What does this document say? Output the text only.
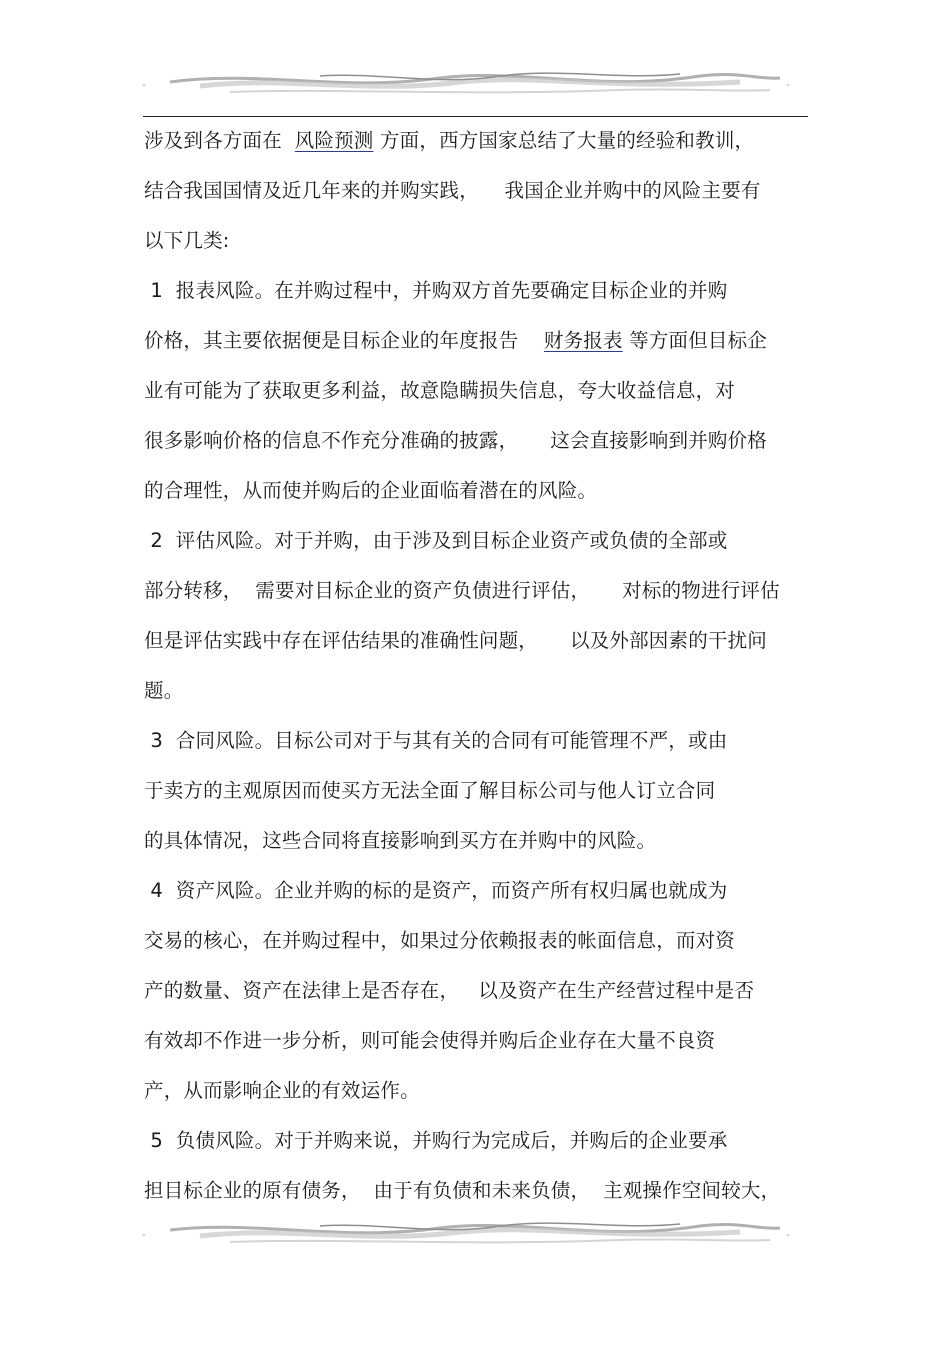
-	-
涉及到各方面在  风险预测 方面，西方国家总结了大量的经验和教训，
结合我国国情及近几年来的并购实践，    我国企业并购中的风险主要有
以下几类:
1  报表风险。在并购过程中，并购双方首先要确定目标企业的并购
价格，其主要依据便是目标企业的年度报告    财务报表 等方面但目标企
业有可能为了获取更多利益，故意隐瞒损失信息，夸大收益信息，对
很多影响价格的信息不作充分准确的披露，     这会直接影响到并购价格
的合理性，从而使并购后的企业面临着潜在的风险。
2  评估风险。对于并购，由于涉及到目标企业资产或负债的全部或
部分转移，  需要对目标企业的资产负债进行评估，     对标的物进行评估
但是评估实践中存在评估结果的准确性问题，     以及外部因素的干扰问
题。
3  合同风险。目标公司对于与其有关的合同有可能管理不严，或由
于卖方的主观原因而使买方无法全面了解目标公司与他人订立合同
的具体情况，这些合同将直接影响到买方在并购中的风险。
4  资产风险。企业并购的标的是资产，而资产所有权归属也就成为
交易的核心，在并购过程中，如果过分依赖报表的帐面信息，而对资
产的数量、资产在法律上是否存在，   以及资产在生产经营过程中是否
有效却不作进一步分析，则可能会使得并购后企业存在大量不良资
产，从而影响企业的有效运作。
5  负债风险。对于并购来说，并购行为完成后，并购后的企业要承
担目标企业的原有债务，  由于有负债和未来负债，  主观操作空间较大，
-	-
